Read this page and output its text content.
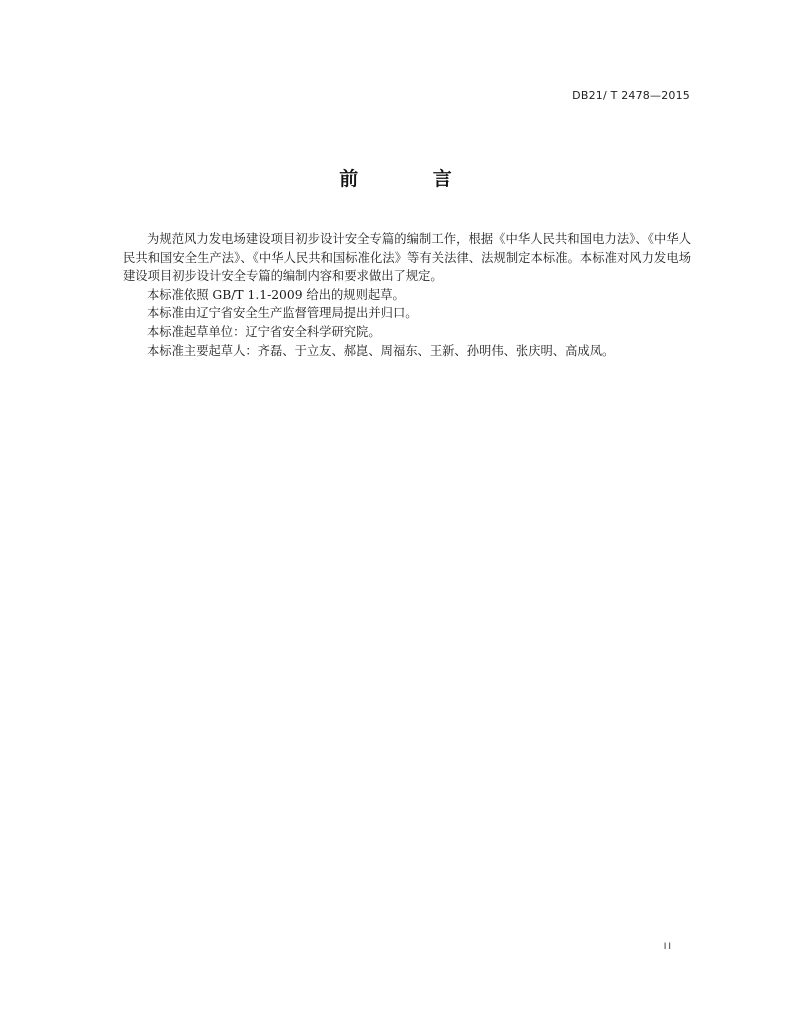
DB21/ T 2478—2015
前 言

为规范风力发电场建设项目初步设计安全专篇的编制工作，根据《中华人民共和国电力法》、《中华人民共和国安全生产法》、《中华人民共和国标准化法》等有关法律、法规制定本标准。本标准对风力发电场建设项目初步设计安全专篇的编制内容和要求做出了规定。

本标准依照 GB/T 1.1-2009 给出的规则起草。

本标准由辽宁省安全生产监督管理局提出并归口。

本标准起草单位：辽宁省安全科学研究院。

本标准主要起草人：齐磊、于立友、郝崑、周福东、王新、孙明伟、张庆明、高成凤。

II
